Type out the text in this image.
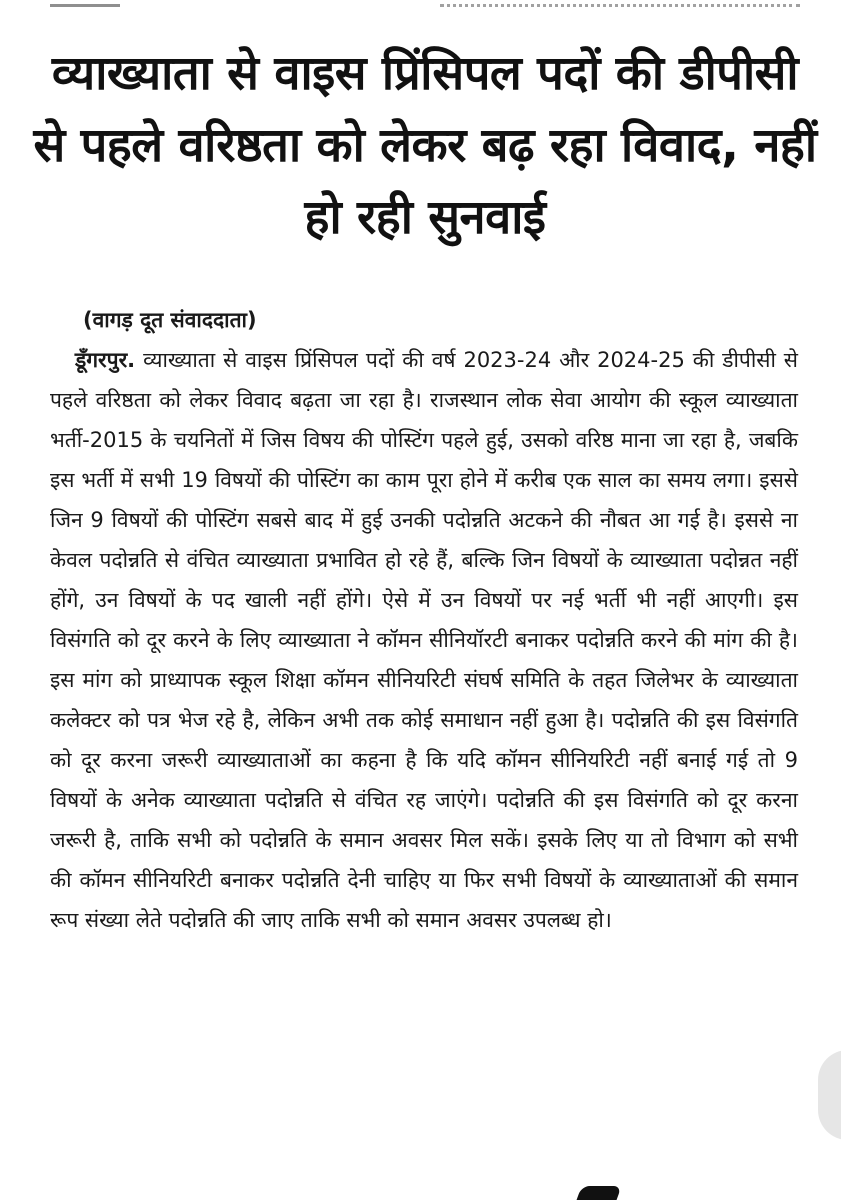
व्याख्याता से वाइस प्रिंसिपल पदों की डीपीसी से पहले वरिष्ठता को लेकर बढ़ रहा विवाद, नहीं हो रही सुनवाई
(वागड़ दूत संवाददाता)

डूँगरपुर. व्याख्याता से वाइस प्रिंसिपल पदों की वर्ष 2023-24 और 2024-25 की डीपीसी से पहले वरिष्ठता को लेकर विवाद बढ़ता जा रहा है। राजस्थान लोक सेवा आयोग की स्कूल व्याख्याता भर्ती-2015 के चयनितों में जिस विषय की पोस्टिंग पहले हुई, उसको वरिष्ठ माना जा रहा है, जबकि इस भर्ती में सभी 19 विषयों की पोस्टिंग का काम पूरा होने में करीब एक साल का समय लगा। इससे जिन 9 विषयों की पोस्टिंग सबसे बाद में हुई उनकी पदोन्नति अटकने की नौबत आ गई है। इससे ना केवल पदोन्नति से वंचित व्याख्याता प्रभावित हो रहे हैं, बल्कि जिन विषयों के व्याख्याता पदोन्नत नहीं होंगे, उन विषयों के पद खाली नहीं होंगे। ऐसे में उन विषयों पर नई भर्ती भी नहीं आएगी। इस विसंगति को दूर करने के लिए व्याख्याता ने कॉमन सीनियॉरटी बनाकर पदोन्नति करने की मांग की है। इस मांग को प्राध्यापक स्कूल शिक्षा कॉमन सीनियरिटी संघर्ष समिति के तहत जिलेभर के व्याख्याता कलेक्टर को पत्र भेज रहे है, लेकिन अभी तक कोई समाधान नहीं हुआ है। पदोन्नति की इस विसंगति को दूर करना जरूरी व्याख्याताओं का कहना है कि यदि कॉमन सीनियरिटी नहीं बनाई गई तो 9 विषयों के अनेक व्याख्याता पदोन्नति से वंचित रह जाएंगे। पदोन्नति की इस विसंगति को दूर करना जरूरी है, ताकि सभी को पदोन्नति के समान अवसर मिल सकें। इसके लिए या तो विभाग को सभी की कॉमन सीनियरिटी बनाकर पदोन्नति देनी चाहिए या फिर सभी विषयों के व्याख्याताओं की समान रूप संख्या लेते पदोन्नति की जाए ताकि सभी को समान अवसर उपलब्ध हो।
